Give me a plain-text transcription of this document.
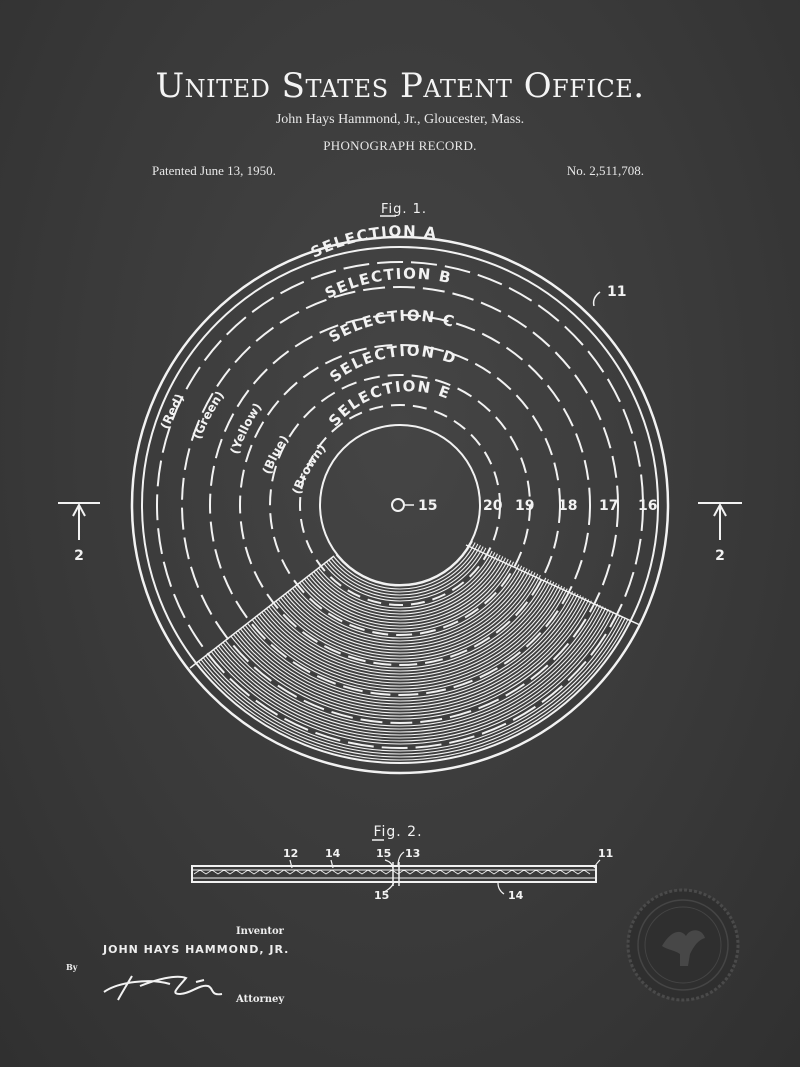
United States Patent Office.
John Hays Hammond, Jr., Gloucester, Mass.
PHONOGRAPH RECORD.
Patented June 13, 1950.	No. 2,511,708.
Fig. 1.
SELECTION A
SELECTION B
SELECTION C
SELECTION D
SELECTION E
(Red)
(Green)
(Yellow)
(Blue)
(Brown)
15	20 19 18 17 16
11
2	2
Fig. 2.
12 14	15 13	11
15	14
Inventor
JOHN HAYS HAMMOND, JR.
By
Attorney
